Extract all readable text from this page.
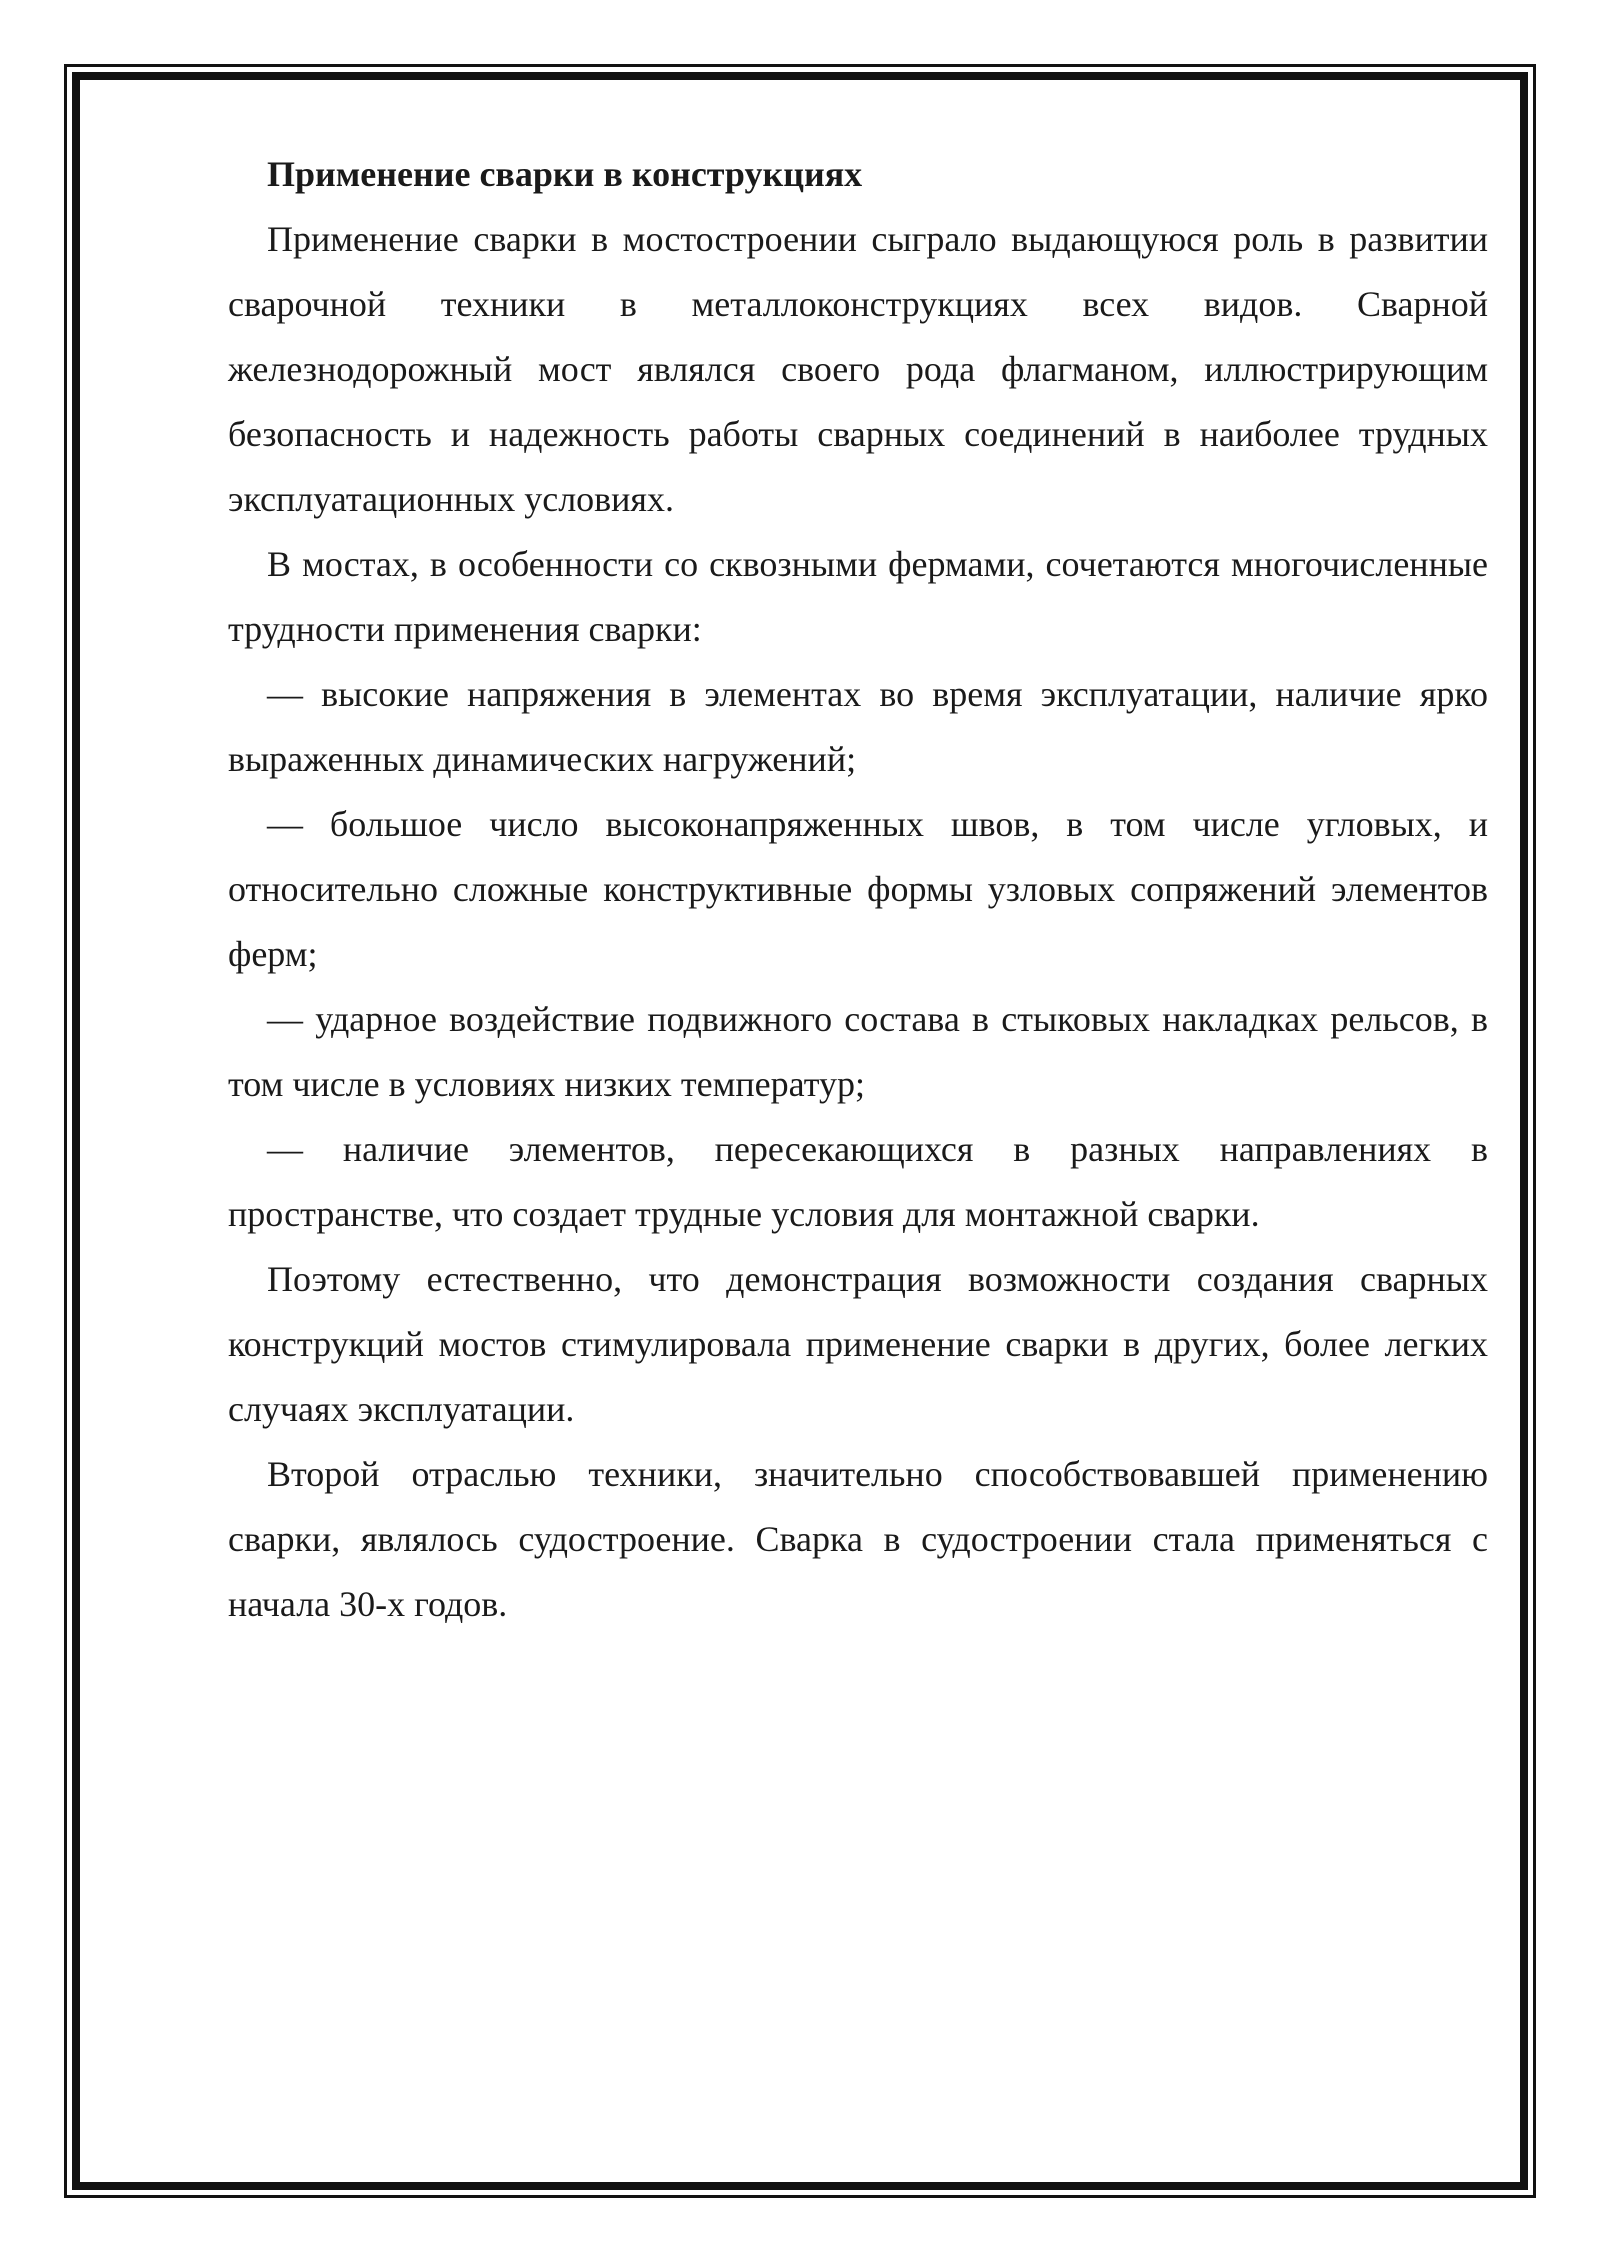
Применение сварки в конструкциях

Применение сварки в мостостроении сыграло выдающуюся роль в развитии сварочной техники в металлоконструкциях всех видов. Сварной железнодорожный мост являлся своего рода флагманом, иллюстрирующим безопасность и надежность работы сварных соединений в наиболее трудных эксплуатационных условиях.

В мостах, в особенности со сквозными фермами, сочетаются многочисленные трудности применения сварки:

— высокие напряжения в элементах во время эксплуатации, наличие ярко выраженных динамических нагружений;

— большое число высоконапряженных швов, в том числе угловых, и относительно сложные конструктивные формы узловых сопряжений элементов ферм;

— ударное воздействие подвижного состава в стыковых накладках рельсов, в том числе в условиях низких температур;

— наличие элементов, пересекающихся в разных направлениях в пространстве, что создает трудные условия для монтажной сварки.

Поэтому естественно, что демонстрация возможности создания сварных конструкций мостов стимулировала применение сварки в других, более легких случаях эксплуатации.

Второй отраслью техники, значительно способствовавшей применению сварки, являлось судостроение. Сварка в судостроении стала применяться с начала 30-х годов.
